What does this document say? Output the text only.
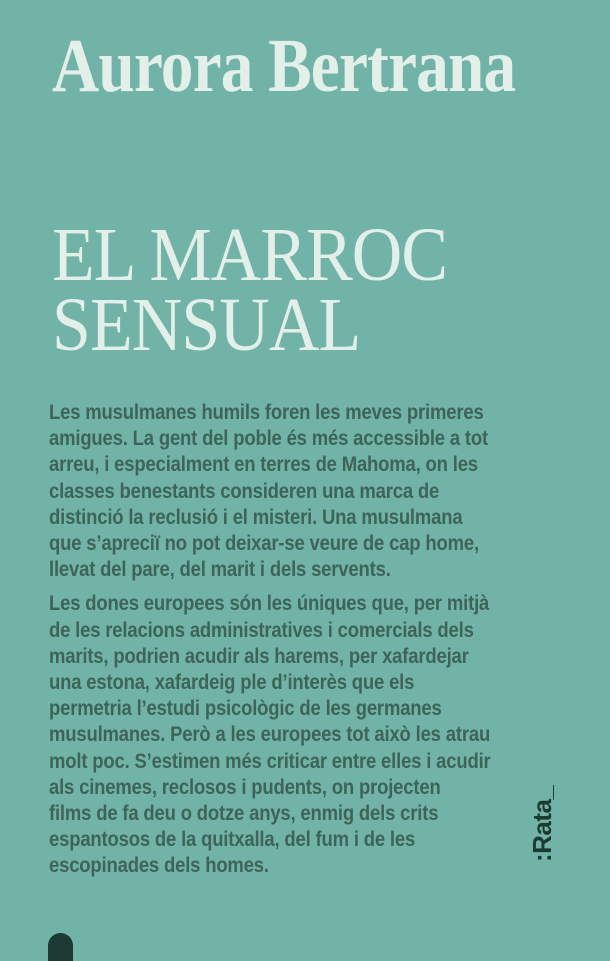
Aurora Bertrana
EL MARROC
SENSUAL
Les musulmanes humils foren les meves primeres
amigues. La gent del poble és més accessible a tot
arreu, i especialment en terres de Mahoma, on les
classes benestants consideren una marca de
distinció la reclusió i el misteri. Una musulmana
que s’apreciï no pot deixar-se veure de cap home,
llevat del pare, del marit i dels servents.
Les dones europees són les úniques que, per mitjà
de les relacions administratives i comercials dels
marits, podrien acudir als harems, per xafardejar
una estona, xafardeig ple d’interès que els
permetria l’estudi psicològic de les germanes
musulmanes. Però a les europees tot això les atrau
molt poc. S’estimen més criticar entre elles i acudir
als cinemes, reclosos i pudents, on projecten
films de fa deu o dotze anys, enmig dels crits
espantosos de la quitxalla, del fum i de les
escopinades dels homes.
:Rata_
